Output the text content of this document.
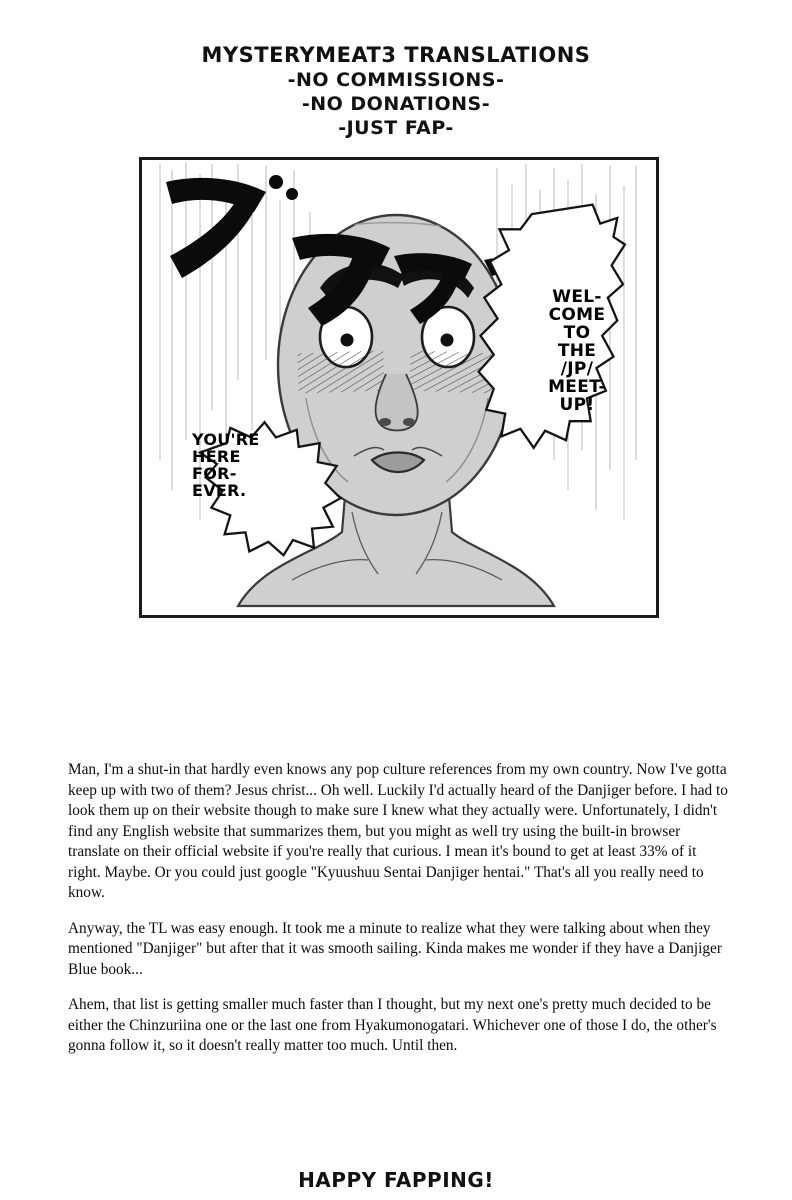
MYSTERYMEAT3 TRANSLATIONS
-NO COMMISSIONS-
-NO DONATIONS-
-JUST FAP-
WEL-COME TO THE /JP/ MEET-UP!
YOU'RE HERE FOR-EVER.

Man, I'm a shut-in that hardly even knows any pop culture references from my own country. Now I've gotta keep up with two of them? Jesus christ... Oh well. Luckily I'd actually heard of the Danjiger before. I had to look them up on their website though to make sure I knew what they actually were. Unfortunately, I didn't find any English website that summarizes them, but you might as well try using the built-in browser translate on their official website if you're really that curious. I mean it's bound to get at least 33% of it right. Maybe. Or you could just google "Kyuushuu Sentai Danjiger hentai." That's all you really need to know.

Anyway, the TL was easy enough. It took me a minute to realize what they were talking about when they mentioned "Danjiger" but after that it was smooth sailing. Kinda makes me wonder if they have a Danjiger Blue book...

Ahem, that list is getting smaller much faster than I thought, but my next one's pretty much decided to be either the Chinzuriina one or the last one from Hyakumonogatari. Whichever one of those I do, the other's gonna follow it, so it doesn't really matter too much. Until then.

HAPPY FAPPING!
